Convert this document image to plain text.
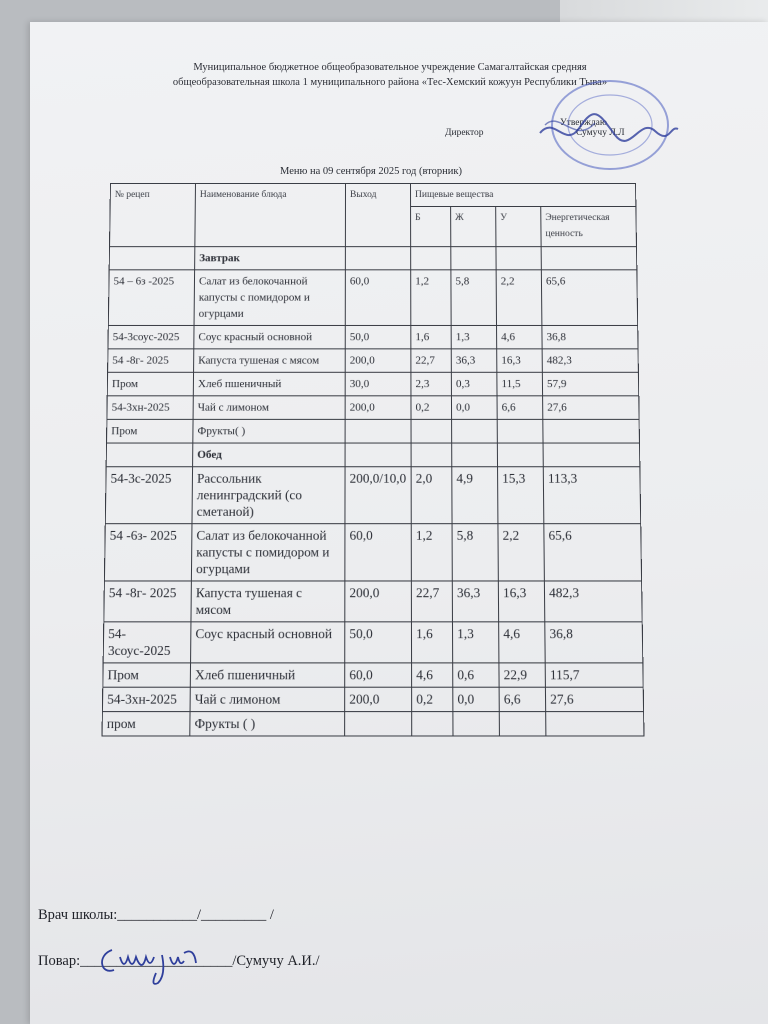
Муниципальное бюджетное общеобразовательное учреждение Самагалтайская средняя
общеобразовательная школа 1 муниципального района «Тес-Хемский кожуун Республики Тыва»
Утверждаю
Директор	Сумучу Л.Л
Меню на 09 сентября 2025 год (вторник)
№ рецеп	Наименование блюда	Выход	Пищевые вещества			
			Б	Ж	У	Энергетическая ценность
	Завтрак					
54 – 6з -2025	Салат из белокочанной капусты с помидором и огурцами	60,0	1,2	5,8	2,2	65,6
54-3соус-2025	Соус красный основной	50,0	1,6	1,3	4,6	36,8
54 -8г- 2025	Капуста тушеная с мясом	200,0	22,7	36,3	16,3	482,3
Пром	Хлеб пшеничный	30,0	2,3	0,3	11,5	57,9
54-3хн-2025	Чай с лимоном	200,0	0,2	0,0	6,6	27,6
Пром	Фрукты( )					
	Обед					
54-3с-2025	Рассольник ленинградский (со сметаной)	200,0/10,0	2,0	4,9	15,3	113,3
54 -6з- 2025	Салат из белокочанной капусты с помидором и огурцами	60,0	1,2	5,8	2,2	65,6
54 -8г- 2025	Капуста тушеная с мясом	200,0	22,7	36,3	16,3	482,3
54-3соус-2025	Соус красный основной	50,0	1,6	1,3	4,6	36,8
Пром	Хлеб пшеничный	60,0	4,6	0,6	22,9	115,7
54-3хн-2025	Чай с лимоном	200,0	0,2	0,0	6,6	27,6
пром	Фрукты ( )					
Врач школы:___________/_________ /
Повар:_____________________/Сумучу А.И./
